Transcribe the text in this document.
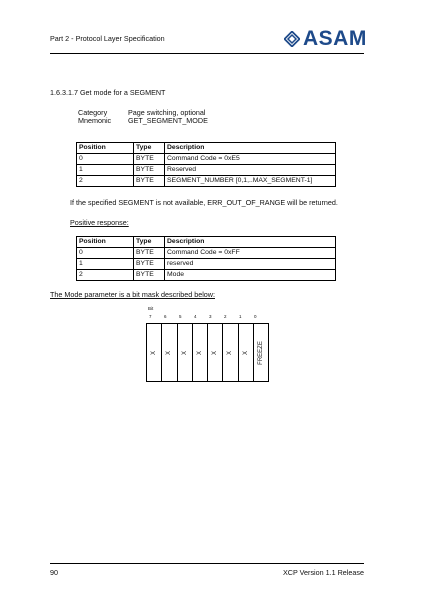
Part 2 - Protocol Layer Specification	ASAM
1.6.3.1.7 Get mode for a SEGMENT
Category	Page switching, optional
Mnemonic GET_SEGMENT_MODE
Position	Type	Description
0	BYTE	Command Code = 0xE5
1	BYTE	Reserved
2	BYTE	SEGMENT_NUMBER [0,1,..MAX_SEGMENT-1]
If the specified SEGMENT is not available, ERR_OUT_OF_RANGE will be returned.
Positive response:
Position	Type	Description
0	BYTE	Command Code = 0xFF
1	BYTE	reserved
2	BYTE	Mode
The Mode parameter is a bit mask described below:
Bit
7	6	5	4	3	2	1	0
X X X X X X X FREEZE
90	XCP Version 1.1 Release
